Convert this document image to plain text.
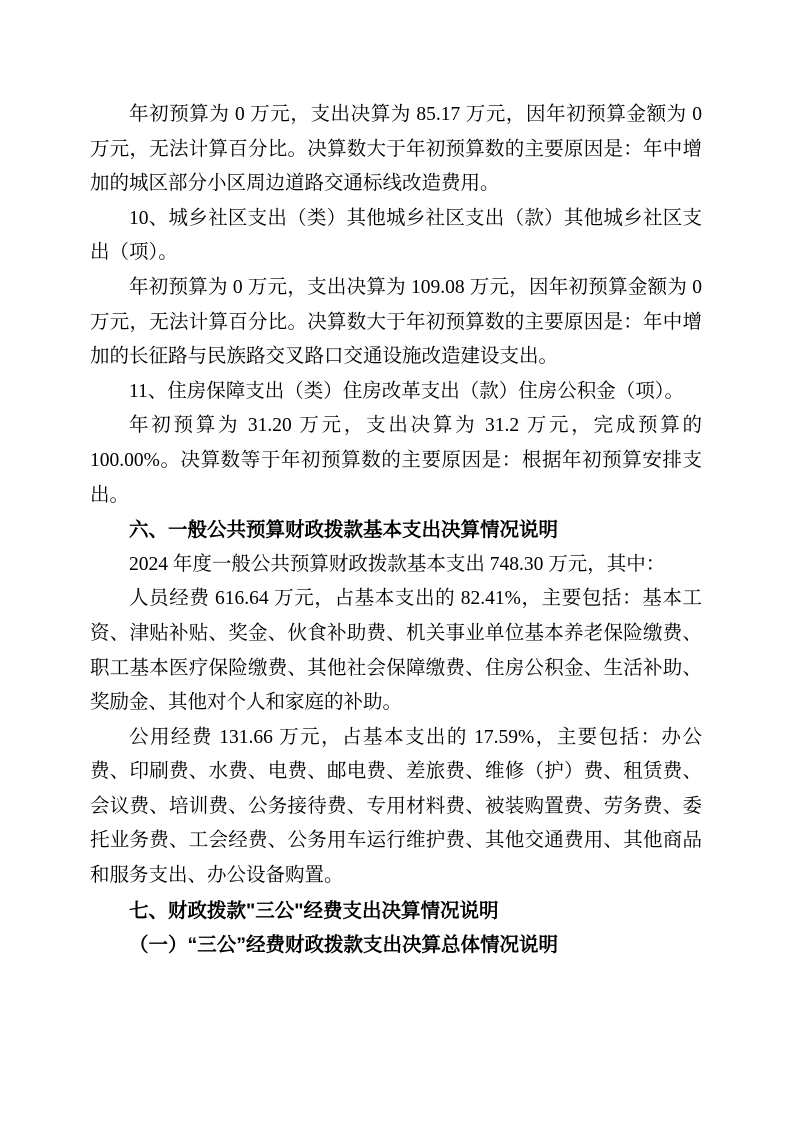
年初预算为 0 万元，支出决算为 85.17 万元，因年初预算金额为 0 万元，无法计算百分比。决算数大于年初预算数的主要原因是：年中增加的城区部分小区周边道路交通标线改造费用。

10、城乡社区支出（类）其他城乡社区支出（款）其他城乡社区支出（项）。

年初预算为 0 万元，支出决算为 109.08 万元，因年初预算金额为 0 万元，无法计算百分比。决算数大于年初预算数的主要原因是：年中增加的长征路与民族路交叉路口交通设施改造建设支出。

11、住房保障支出（类）住房改革支出（款）住房公积金（项）。

年初预算为 31.20 万元，支出决算为 31.2 万元，完成预算的 100.00%。决算数等于年初预算数的主要原因是：根据年初预算安排支出。

六、一般公共预算财政拨款基本支出决算情况说明

2024 年度一般公共预算财政拨款基本支出 748.30 万元，其中：

人员经费 616.64 万元，占基本支出的 82.41%，主要包括：基本工资、津贴补贴、奖金、伙食补助费、机关事业单位基本养老保险缴费、职工基本医疗保险缴费、其他社会保障缴费、住房公积金、生活补助、奖励金、其他对个人和家庭的补助。

公用经费 131.66 万元，占基本支出的 17.59%，主要包括：办公费、印刷费、水费、电费、邮电费、差旅费、维修（护）费、租赁费、会议费、培训费、公务接待费、专用材料费、被装购置费、劳务费、委托业务费、工会经费、公务用车运行维护费、其他交通费用、其他商品和服务支出、办公设备购置。

七、财政拨款"三公"经费支出决算情况说明

（一）“三公”经费财政拨款支出决算总体情况说明
